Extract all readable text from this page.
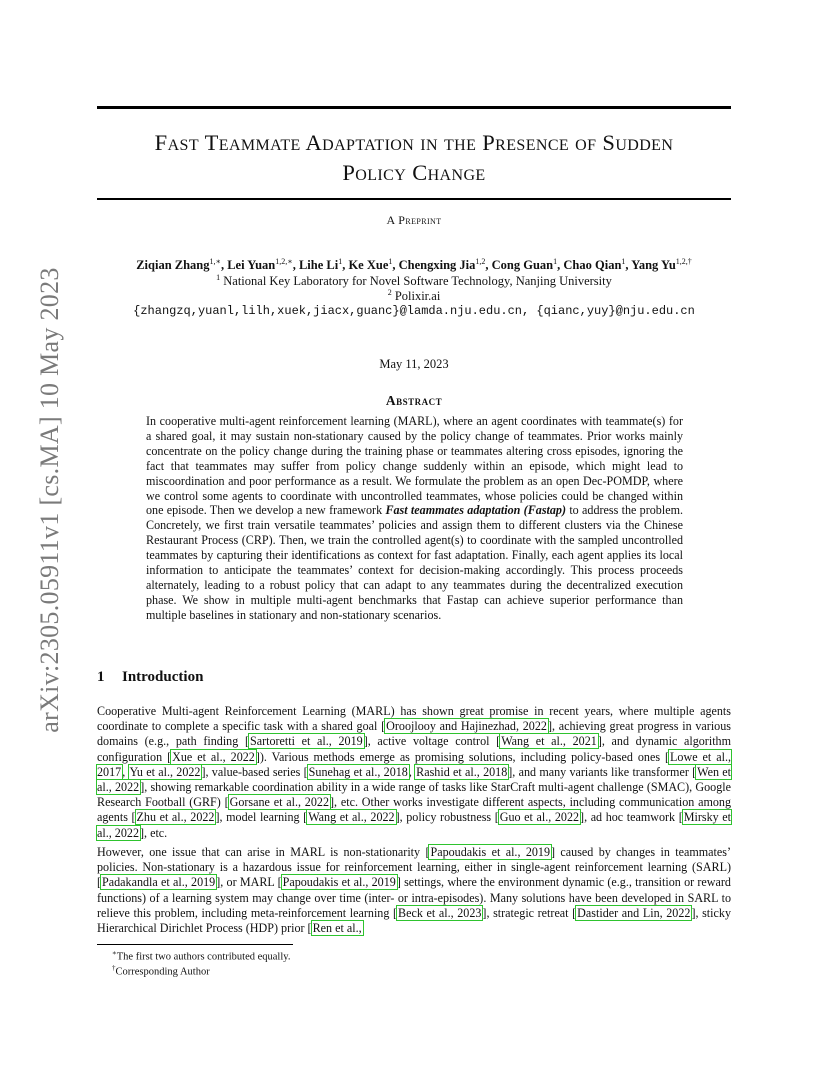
arXiv:2305.05911v1 [cs.MA] 10 May 2023
Fast Teammate Adaptation in the Presence of Sudden
Policy Change
A Preprint
Ziqian Zhang$^{1,∗}$, Lei Yuan$^{1,2,∗}$, Lihe Li$^1$, Ke Xue$^1$, Chengxing Jia$^{1,2}$, Cong Guan$^1$, Chao Qian$^1$, Yang $Yu^{1,2,\dagger}$
$^1$ National Key Laboratory for Novel Software Technology, Nanjing University
$^2$ Polixir.ai
{zhangzq,yuanl,lilh,xuek,jiacx,guanc}@lamda.nju.edu.cn, {qianc,yuy}@nju.edu.cn
May 11, 2023
Abstract
In cooperative multi-agent reinforcement learning (MARL), where an agent coordinates with teammate(s) for a shared goal, it may sustain non-stationary caused by the policy change of teammates. Prior works mainly concentrate on the policy change during the training phase or teammates altering cross episodes, ignoring the fact that teammates may suffer from policy change suddenly within an episode, which might lead to miscoordination and poor performance as a result. We formulate the problem as an open Dec-POMDP, where we control some agents to coordinate with uncontrolled teammates, whose policies could be changed within one episode. Then we develop a new framework Fast teammates adaptation (Fastap) to address the problem. Concretely, we first train versatile teammates’ policies and assign them to different clusters via the Chinese Restaurant Process (CRP). Then, we train the controlled agent(s) to coordinate with the sampled uncontrolled teammates by capturing their identifications as context for fast adaptation. Finally, each agent applies its local information to anticipate the teammates’ context for decision-making accordingly. This process proceeds alternately, leading to a robust policy that can adapt to any teammates during the decentralized execution phase. We show in multiple multi-agent benchmarks that Fastap can achieve superior performance than multiple baselines in stationary and non-stationary scenarios.
1 Introduction
Cooperative Multi-agent Reinforcement Learning (MARL) has shown great promise in recent years, where multiple agents coordinate to complete a specific task with a shared goal [Oroojlooy and Hajinezhad, 2022], achieving great progress in various domains (e.g., path finding [Sartoretti et al., 2019], active voltage control [Wang et al., 2021], and dynamic algorithm configuration [Xue et al., 2022]). Various methods emerge as promising solutions, including policy-based ones [Lowe et al., 2017, Yu et al., 2022], value-based series [Sunehag et al., 2018, Rashid et al., 2018], and many variants like transformer [Wen et al., 2022], showing remarkable coordination ability in a wide range of tasks like StarCraft multi-agent challenge (SMAC), Google Research Football (GRF) [Gorsane et al., 2022], etc. Other works investigate different aspects, including communication among agents [Zhu et al., 2022], model learning [Wang et al., 2022], policy robustness [Guo et al., 2022], ad hoc teamwork [Mirsky et al., 2022], etc.
However, one issue that can arise in MARL is non-stationarity [Papoudakis et al., 2019] caused by changes in teammates’ policies. Non-stationary is a hazardous issue for reinforcement learning, either in single-agent reinforcement learning (SARL) [Padakandla et al., 2019], or MARL [Papoudakis et al., 2019] settings, where the environment dynamic (e.g., transition or reward functions) of a learning system may change over time (inter- or intra-episodes). Many solutions have been developed in SARL to relieve this problem, including meta-reinforcement learning [Beck et al., 2023], strategic retreat [Dastider and Lin, 2022], sticky Hierarchical Dirichlet Process (HDP) prior [Ren et al.,
∗The first two authors contributed equally.
†Corresponding Author
